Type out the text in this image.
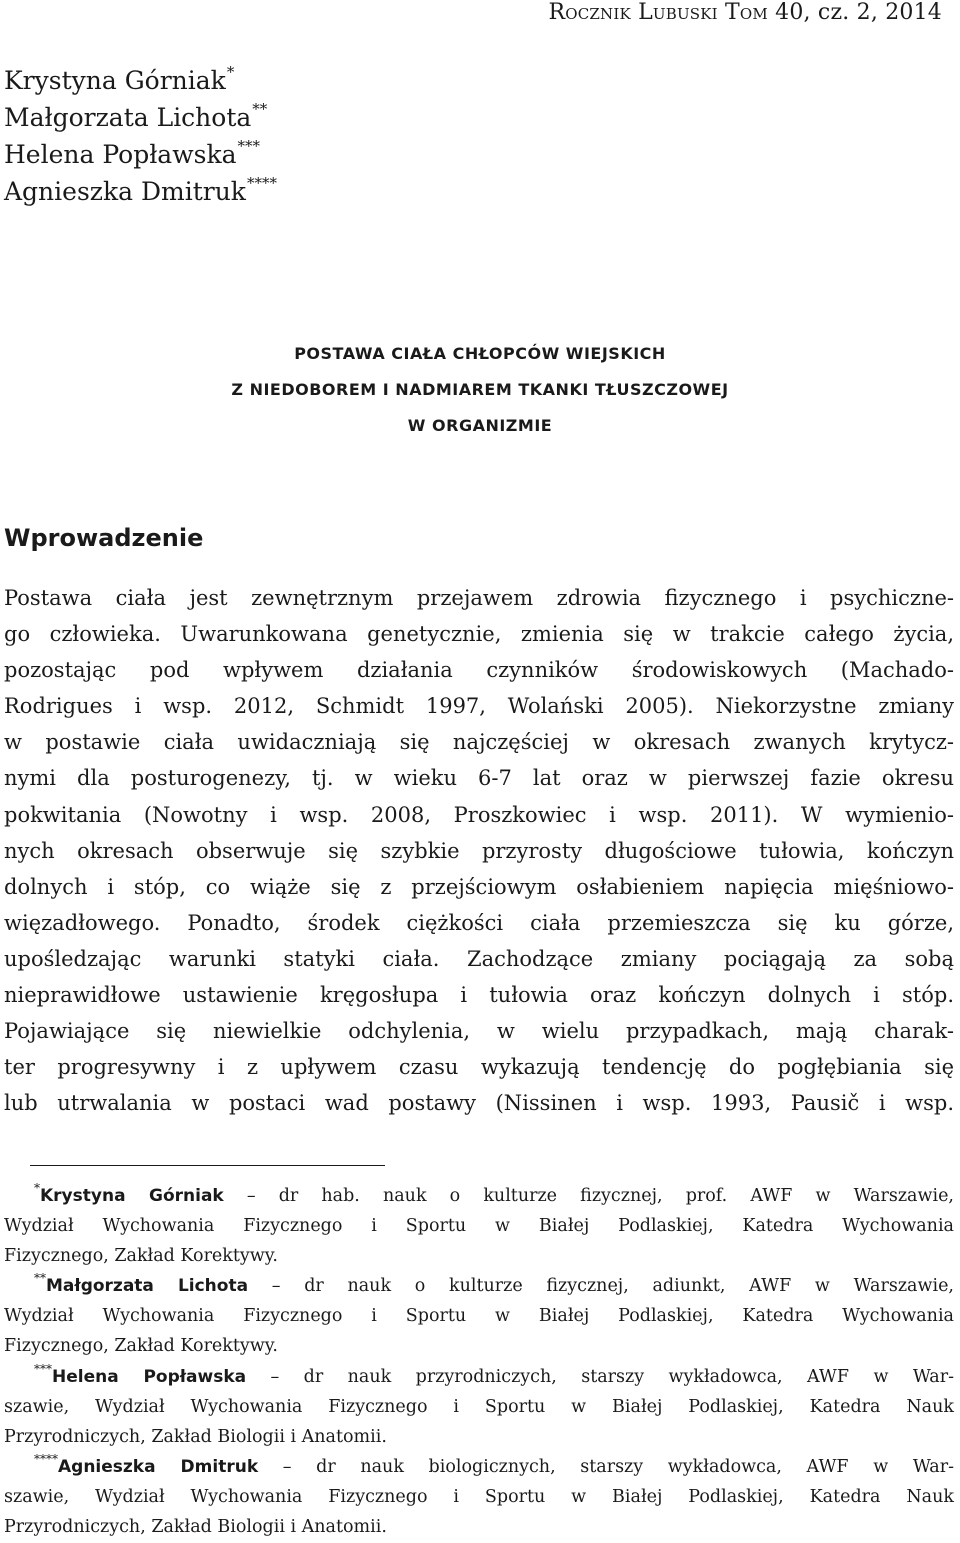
Rocznik Lubuski Tom 40, cz. 2, 2014
Krystyna Górniak*
Małgorzata Lichota**
Helena Popławska***
Agnieszka Dmitruk****
POSTAWA CIAŁA CHŁOPCÓW WIEJSKICH
Z NIEDOBOREM I NADMIAREM TKANKI TŁUSZCZOWEJ
W ORGANIZMIE
Wprowadzenie
Postawa ciała jest zewnętrznym przejawem zdrowia fizycznego i psychiczne-
go człowieka. Uwarunkowana genetycznie, zmienia się w trakcie całego życia,
pozostając pod wpływem działania czynników środowiskowych (Machado-
Rodrigues i wsp. 2012, Schmidt 1997, Wolański 2005). Niekorzystne zmiany
w postawie ciała uwidaczniają się najczęściej w okresach zwanych krytycz-
nymi dla posturogenezy, tj. w wieku 6-7 lat oraz w pierwszej fazie okresu
pokwitania (Nowotny i wsp. 2008, Proszkowiec i wsp. 2011). W wymienio-
nych okresach obserwuje się szybkie przyrosty długościowe tułowia, kończyn
dolnych i stóp, co wiąże się z przejściowym osłabieniem napięcia mięśniowo-
więzadłowego. Ponadto, środek ciężkości ciała przemieszcza się ku górze,
upośledzając warunki statyki ciała. Zachodzące zmiany pociągają za sobą
nieprawidłowe ustawienie kręgosłupa i tułowia oraz kończyn dolnych i stóp.
Pojawiające się niewielkie odchylenia, w wielu przypadkach, mają charak-
ter progresywny i z upływem czasu wykazują tendencję do pogłębiania się
lub utrwalania w postaci wad postawy (Nissinen i wsp. 1993, Pausič i wsp.
*Krystyna Górniak – dr hab. nauk o kulturze fizycznej, prof. AWF w Warszawie,
Wydział Wychowania Fizycznego i Sportu w Białej Podlaskiej, Katedra Wychowania
Fizycznego, Zakład Korektywy.
**Małgorzata Lichota – dr nauk o kulturze fizycznej, adiunkt, AWF w Warszawie,
Wydział Wychowania Fizycznego i Sportu w Białej Podlaskiej, Katedra Wychowania
Fizycznego, Zakład Korektywy.
***Helena Popławska – dr nauk przyrodniczych, starszy wykładowca, AWF w War-
szawie, Wydział Wychowania Fizycznego i Sportu w Białej Podlaskiej, Katedra Nauk
Przyrodniczych, Zakład Biologii i Anatomii.
****Agnieszka Dmitruk – dr nauk biologicznych, starszy wykładowca, AWF w War-
szawie, Wydział Wychowania Fizycznego i Sportu w Białej Podlaskiej, Katedra Nauk
Przyrodniczych, Zakład Biologii i Anatomii.
